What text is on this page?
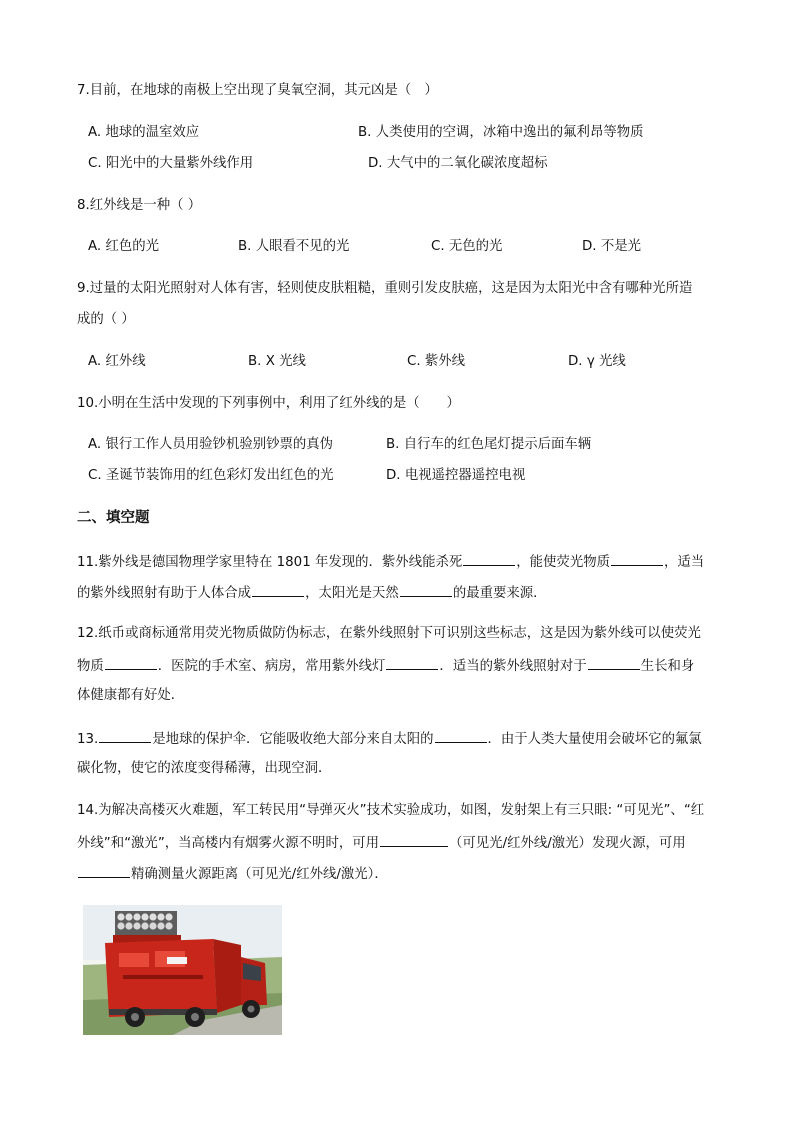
7.目前，在地球的南极上空出现了臭氧空洞，其元凶是（　）
A. 地球的温室效应	B. 人类使用的空调，冰箱中逸出的氟利昂等物质
C. 阳光中的大量紫外线作用	D. 大气中的二氧化碳浓度超标
8.红外线是一种（ ）
A. 红色的光	B. 人眼看不见的光	C. 无色的光	D. 不是光
9.过量的太阳光照射对人体有害，轻则使皮肤粗糙，重则引发皮肤癌，这是因为太阳光中含有哪种光所造
成的（ ）
A. 红外线	B. X 光线	C. 紫外线	D. γ 光线
10.小明在生活中发现的下列事例中，利用了红外线的是（　　）
A. 银行工作人员用验钞机验别钞票的真伪	B. 自行车的红色尾灯提示后面车辆
C. 圣诞节装饰用的红色彩灯发出红色的光	D. 电视遥控器遥控电视
二、填空题
11.紫外线是德国物理学家里特在 1801 年发现的．紫外线能杀死	，能使荧光物质	，适当
的紫外线照射有助于人体合成	，太阳光是天然	的最重要来源．
12.纸币或商标通常用荧光物质做防伪标志，在紫外线照射下可识别这些标志，这是因为紫外线可以使荧光
物质	．医院的手术室、病房，常用紫外线灯	．适当的紫外线照射对于	生长和身
体健康都有好处．
13.	是地球的保护伞．它能吸收绝大部分来自太阳的	．由于人类大量使用会破坏它的氟氯
碳化物，使它的浓度变得稀薄，出现空洞．
14.为解决高楼灭火难题，军工转民用“导弹灭火”技术实验成功，如图，发射架上有三只眼: “可见光”、“红
外线”和“激光”，当高楼内有烟雾火源不明时，可用	（可见光/红外线/激光）发现火源，可用
精确测量火源距离（可见光/红外线/激光）．
